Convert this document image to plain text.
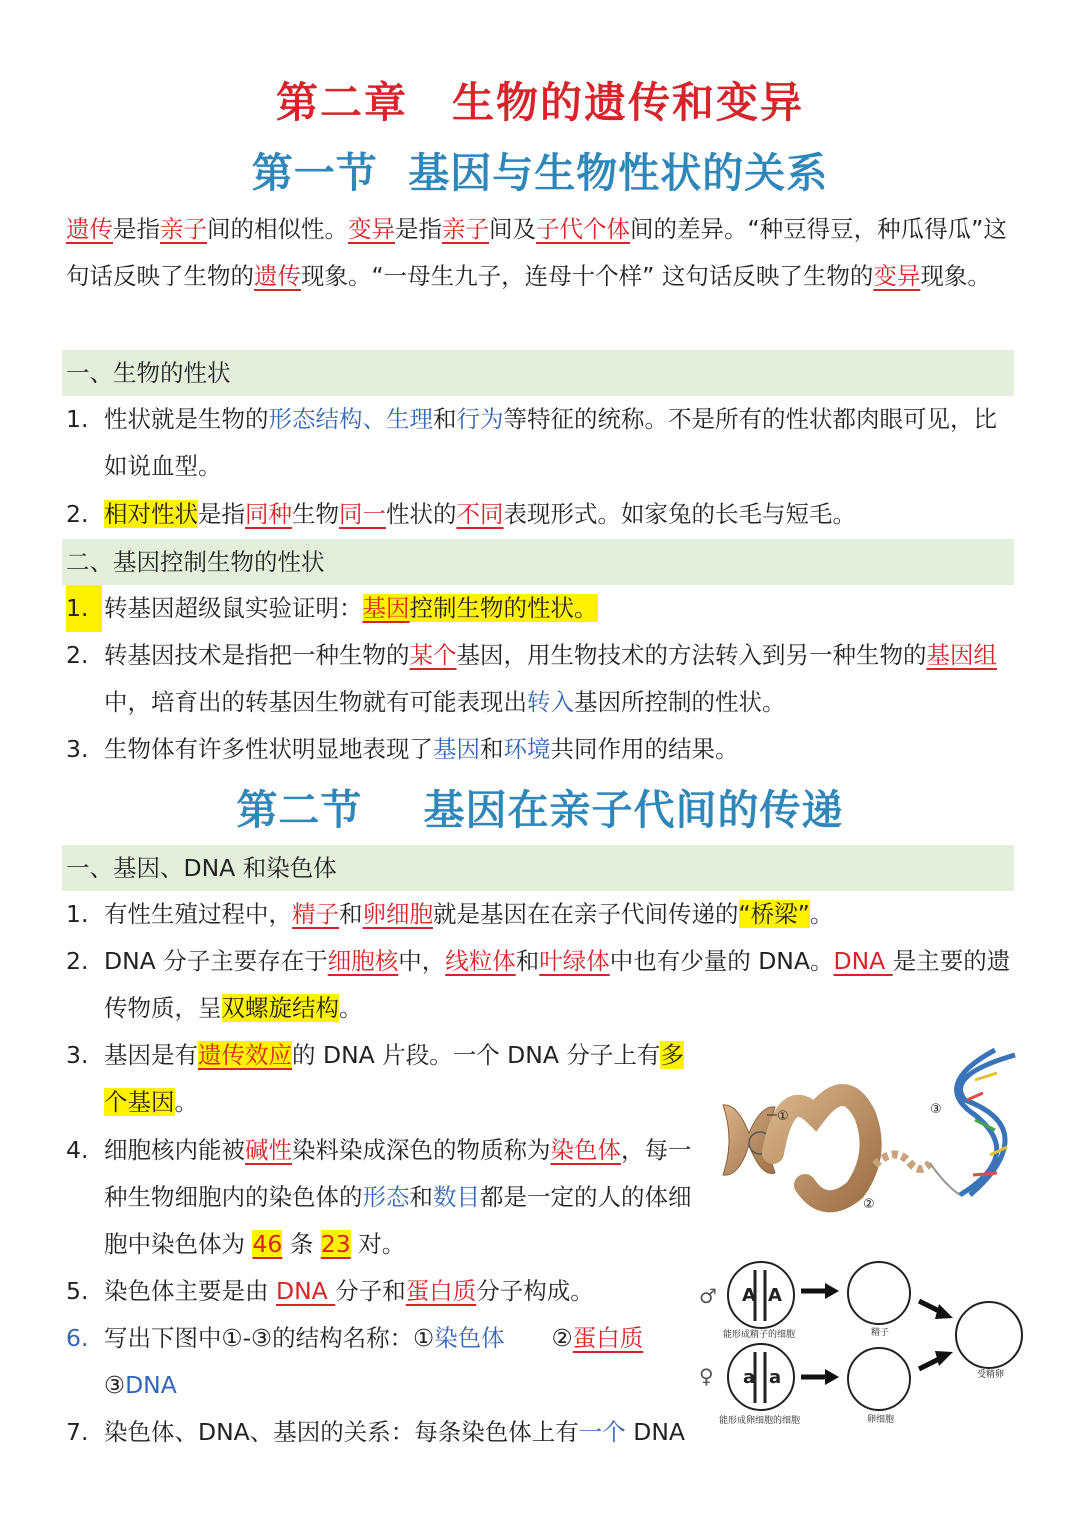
第二章　生物的遗传和变异
第一节  基因与生物性状的关系
遗传是指亲子间的相似性。变异是指亲子间及子代个体间的差异。“种豆得豆，种瓜得瓜”这句话反映了生物的遗传现象。“一母生九子，连母十个样” 这句话反映了生物的变异现象。
一、生物的性状
1. 性状就是生物的形态结构、生理和行为等特征的统称。不是所有的性状都肉眼可见，比如说血型。
2. 相对性状是指同种生物同一性状的不同表现形式。如家兔的长毛与短毛。
二、基因控制生物的性状
1. 转基因超级鼠实验证明：基因控制生物的性状。
2. 转基因技术是指把一种生物的某个基因，用生物技术的方法转入到另一种生物的基因组中，培育出的转基因生物就有可能表现出转入基因所控制的性状。
3. 生物体有许多性状明显地表现了基因和环境共同作用的结果。
第二节    基因在亲子代间的传递
一、基因、DNA 和染色体
1. 有性生殖过程中，精子和卵细胞就是基因在在亲子代间传递的“桥梁”。
2. DNA 分子主要存在于细胞核中，线粒体和叶绿体中也有少量的 DNA。DNA 是主要的遗传物质，呈双螺旋结构。
3. 基因是有遗传效应的 DNA 片段。一个 DNA 分子上有多个基因。
4. 细胞核内能被碱性染料染成深色的物质称为染色体，每一种生物细胞内的染色体的形态和数目都是一定的人的体细胞中染色体为 46 条 23 对。
5. 染色体主要是由 DNA 分子和蛋白质分子构成。
6. 写出下图中①-③的结构名称：①染色体　　②蛋白质　　③DNA
7. 染色体、DNA、基因的关系：每条染色体上有一个 DNA
①
②
③
♂
♀
A A
能形成精子的细胞
a a
能形成卵细胞的细胞
精子
卵细胞
受精卵
